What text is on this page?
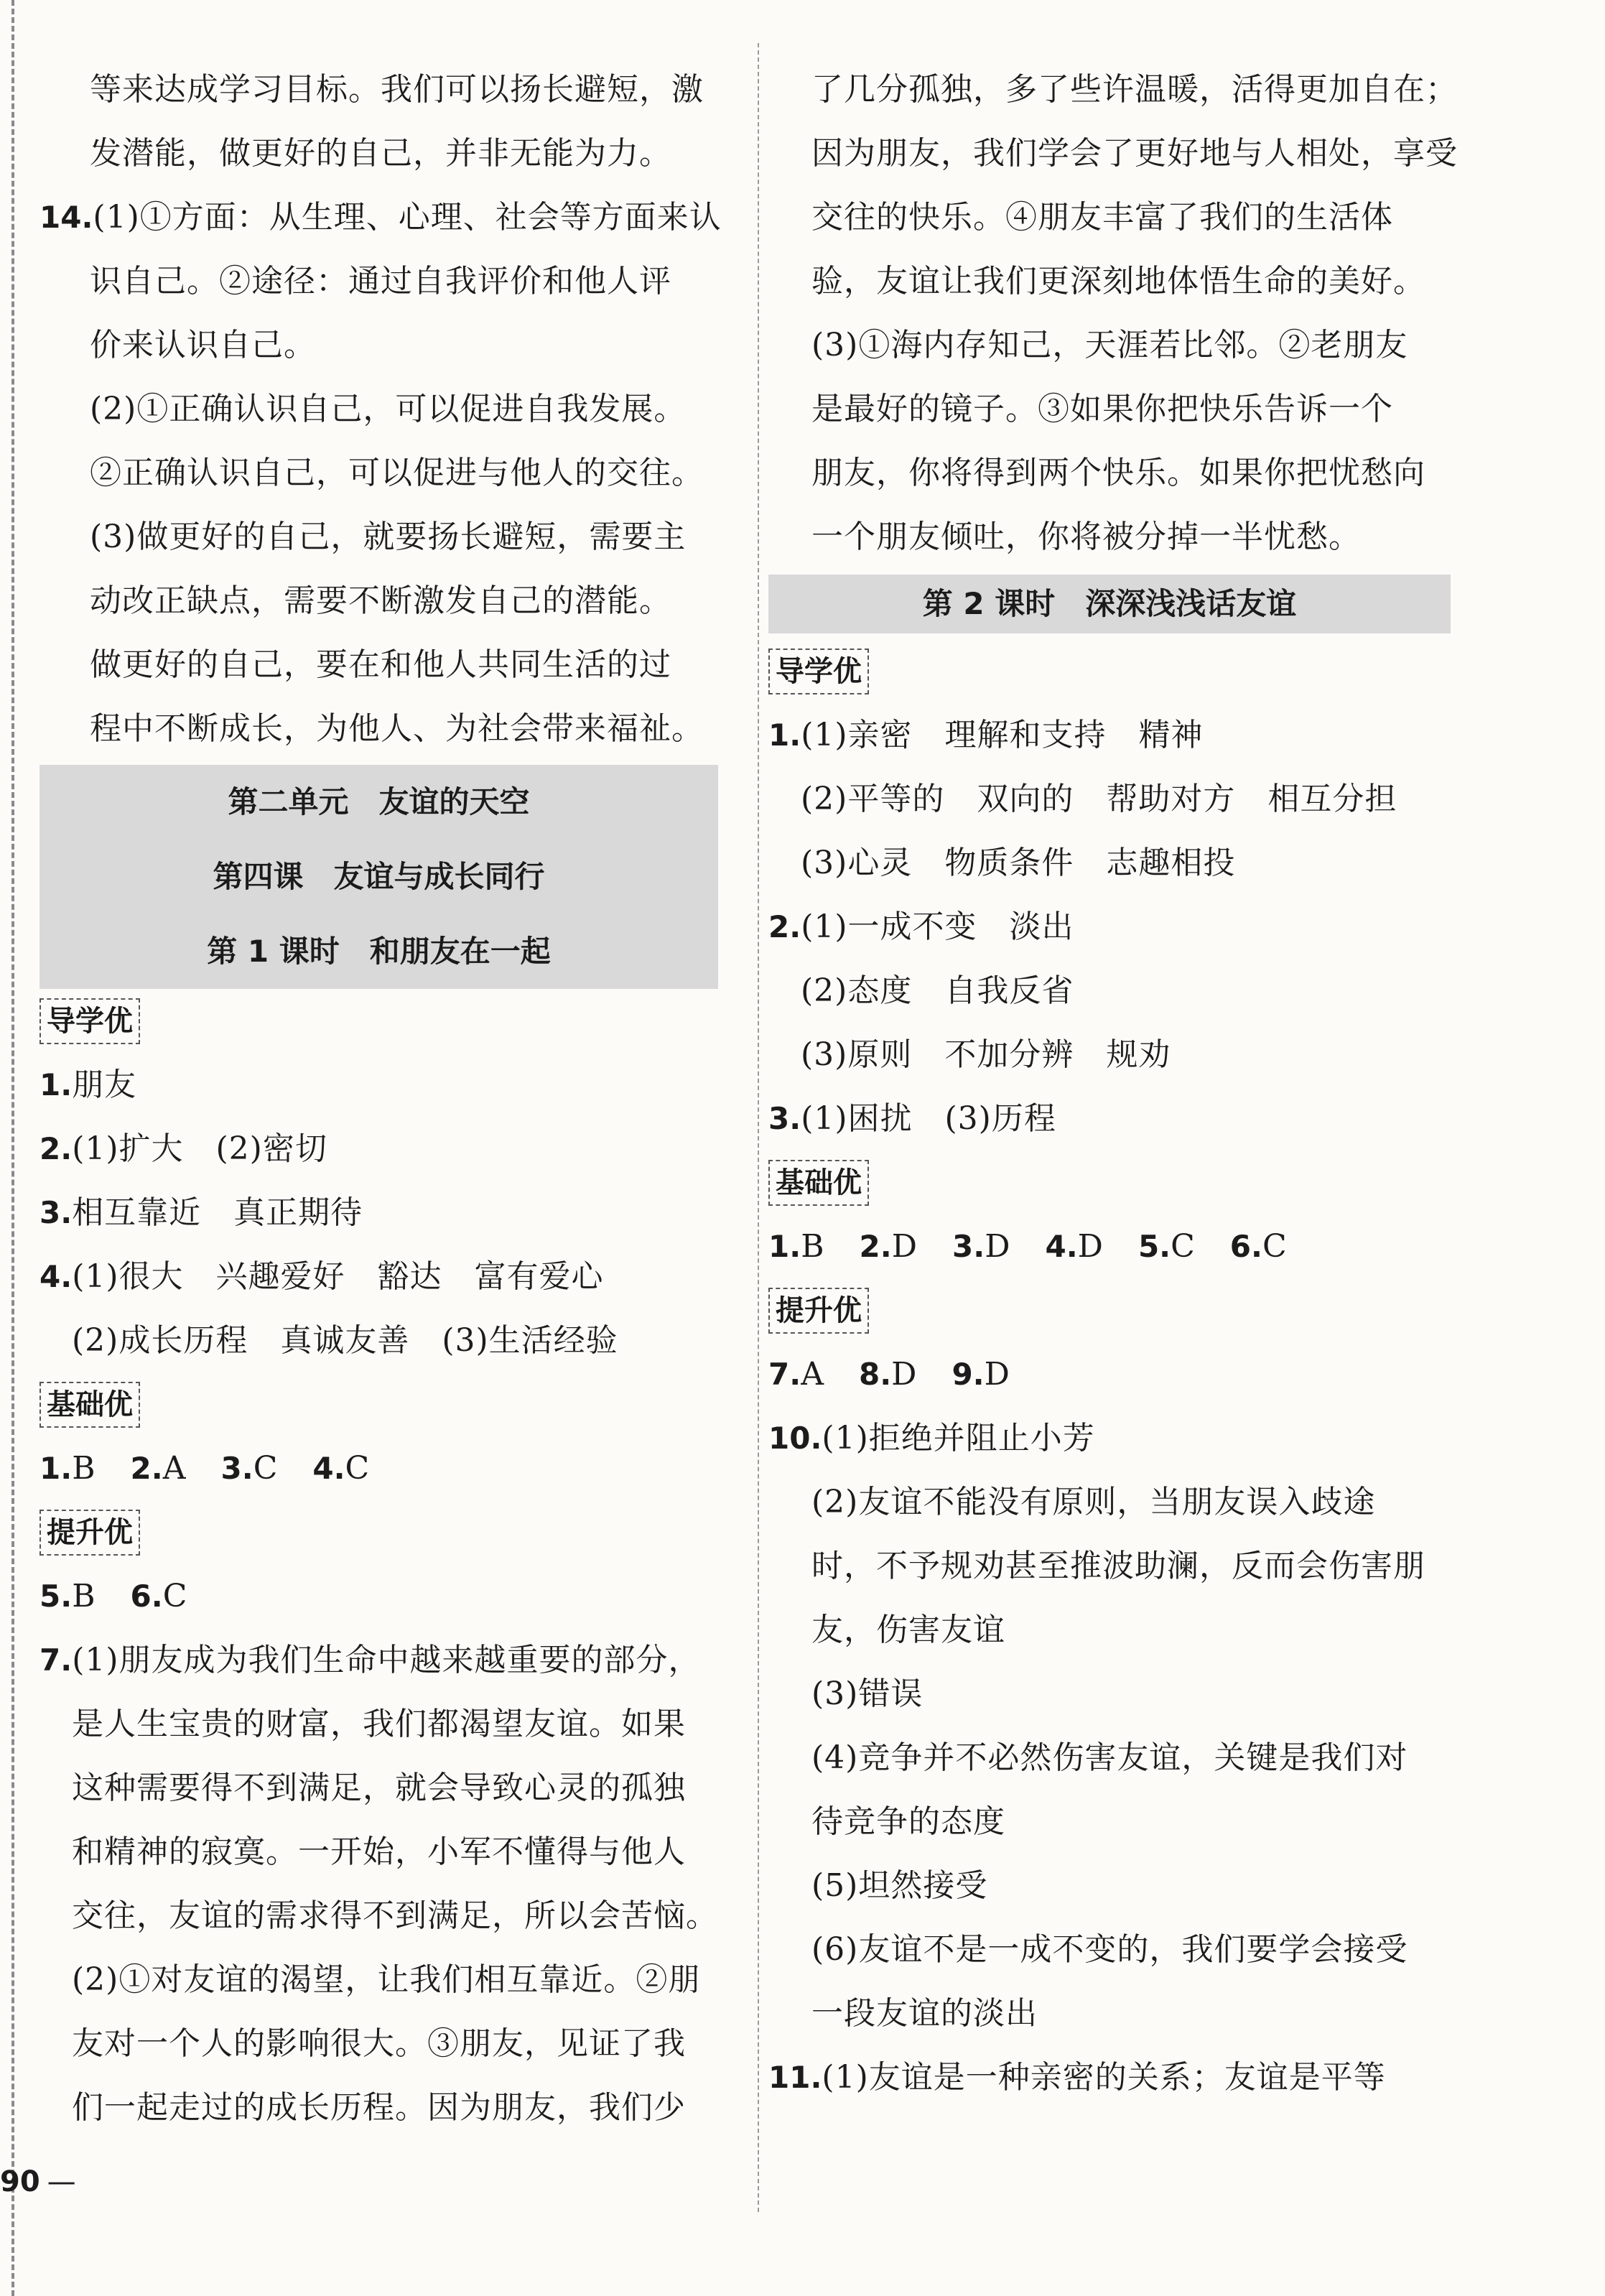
等来达成学习目标。我们可以扬长避短，激
发潜能，做更好的自己，并非无能为力。
14.(1)①方面：从生理、心理、社会等方面来认
识自己。②途径：通过自我评价和他人评
价来认识自己。
(2)①正确认识自己，可以促进自我发展。
②正确认识自己，可以促进与他人的交往。
(3)做更好的自己，就要扬长避短，需要主
动改正缺点，需要不断激发自己的潜能。
做更好的自己，要在和他人共同生活的过
程中不断成长，为他人、为社会带来福祉。
第二单元　友谊的天空
第四课　友谊与成长同行
第 1 课时　和朋友在一起
导学优
1.朋友
2.(1)扩大　(2)密切
3.相互靠近　真正期待
4.(1)很大　兴趣爱好　豁达　富有爱心
(2)成长历程　真诚友善　(3)生活经验
基础优
1.B 2.A 3.C 4.C
提升优
5.B 6.C
7.(1)朋友成为我们生命中越来越重要的部分，
是人生宝贵的财富，我们都渴望友谊。如果
这种需要得不到满足，就会导致心灵的孤独
和精神的寂寞。一开始，小军不懂得与他人
交往，友谊的需求得不到满足，所以会苦恼。
(2)①对友谊的渴望，让我们相互靠近。②朋
友对一个人的影响很大。③朋友，见证了我
们一起走过的成长历程。因为朋友，我们少
了几分孤独，多了些许温暖，活得更加自在；
因为朋友，我们学会了更好地与人相处，享受
交往的快乐。④朋友丰富了我们的生活体
验，友谊让我们更深刻地体悟生命的美好。
(3)①海内存知己，天涯若比邻。②老朋友
是最好的镜子。③如果你把快乐告诉一个
朋友，你将得到两个快乐。如果你把忧愁向
一个朋友倾吐，你将被分掉一半忧愁。
第 2 课时　深深浅浅话友谊
导学优
1.(1)亲密　理解和支持　精神
(2)平等的　双向的　帮助对方　相互分担
(3)心灵　物质条件　志趣相投
2.(1)一成不变　淡出
(2)态度　自我反省
(3)原则　不加分辨　规劝
3.(1)困扰　(3)历程
基础优
1.B 2.D 3.D 4.D 5.C 6.C
提升优
7.A 8.D 9.D
10.(1)拒绝并阻止小芳
(2)友谊不能没有原则，当朋友误入歧途
时，不予规劝甚至推波助澜，反而会伤害朋
友，伤害友谊
(3)错误
(4)竞争并不必然伤害友谊，关键是我们对
待竞争的态度
(5)坦然接受
(6)友谊不是一成不变的，我们要学会接受
一段友谊的淡出
11.(1)友谊是一种亲密的关系；友谊是平等
90 —
